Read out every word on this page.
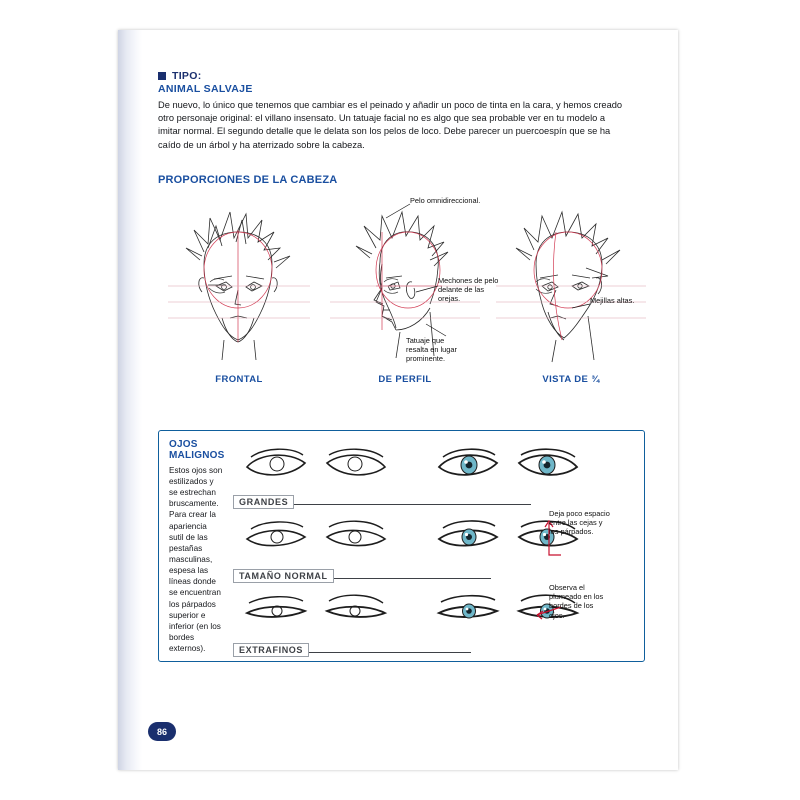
TIPO:
ANIMAL SALVAJE

De nuevo, lo único que tenemos que cambiar es el peinado y añadir un poco de tinta en la cara, y hemos creado otro personaje original: el villano insensato. Un tatuaje facial no es algo que sea probable ver en tu modelo a imitar normal. El segundo detalle que le delata son los pelos de loco. Debe parecer un puercoespín que se ha caído de un árbol y ha aterrizado sobre la cabeza.

PROPORCIONES DE LA CABEZA
FRONTAL	DE PERFIL	VISTA DE ¾
Pelo omnidireccional.
Mechones de pelo delante de las orejas.
Tatuaje que resalta en lugar prominente.
Mejillas altas.
OJOS
MALIGNOS
Estos ojos son estilizados y se estrechan bruscamente. Para crear la apariencia sutil de las pestañas masculinas, espesa las líneas donde se encuentran los párpados superior e inferior (en los bordes externos).
GRANDES
TAMAÑO NORMAL
EXTRAFINOS
Deja poco espacio entre las cejas y los párpados.
Observa el plumeado en los bordes de los ojos.
86
